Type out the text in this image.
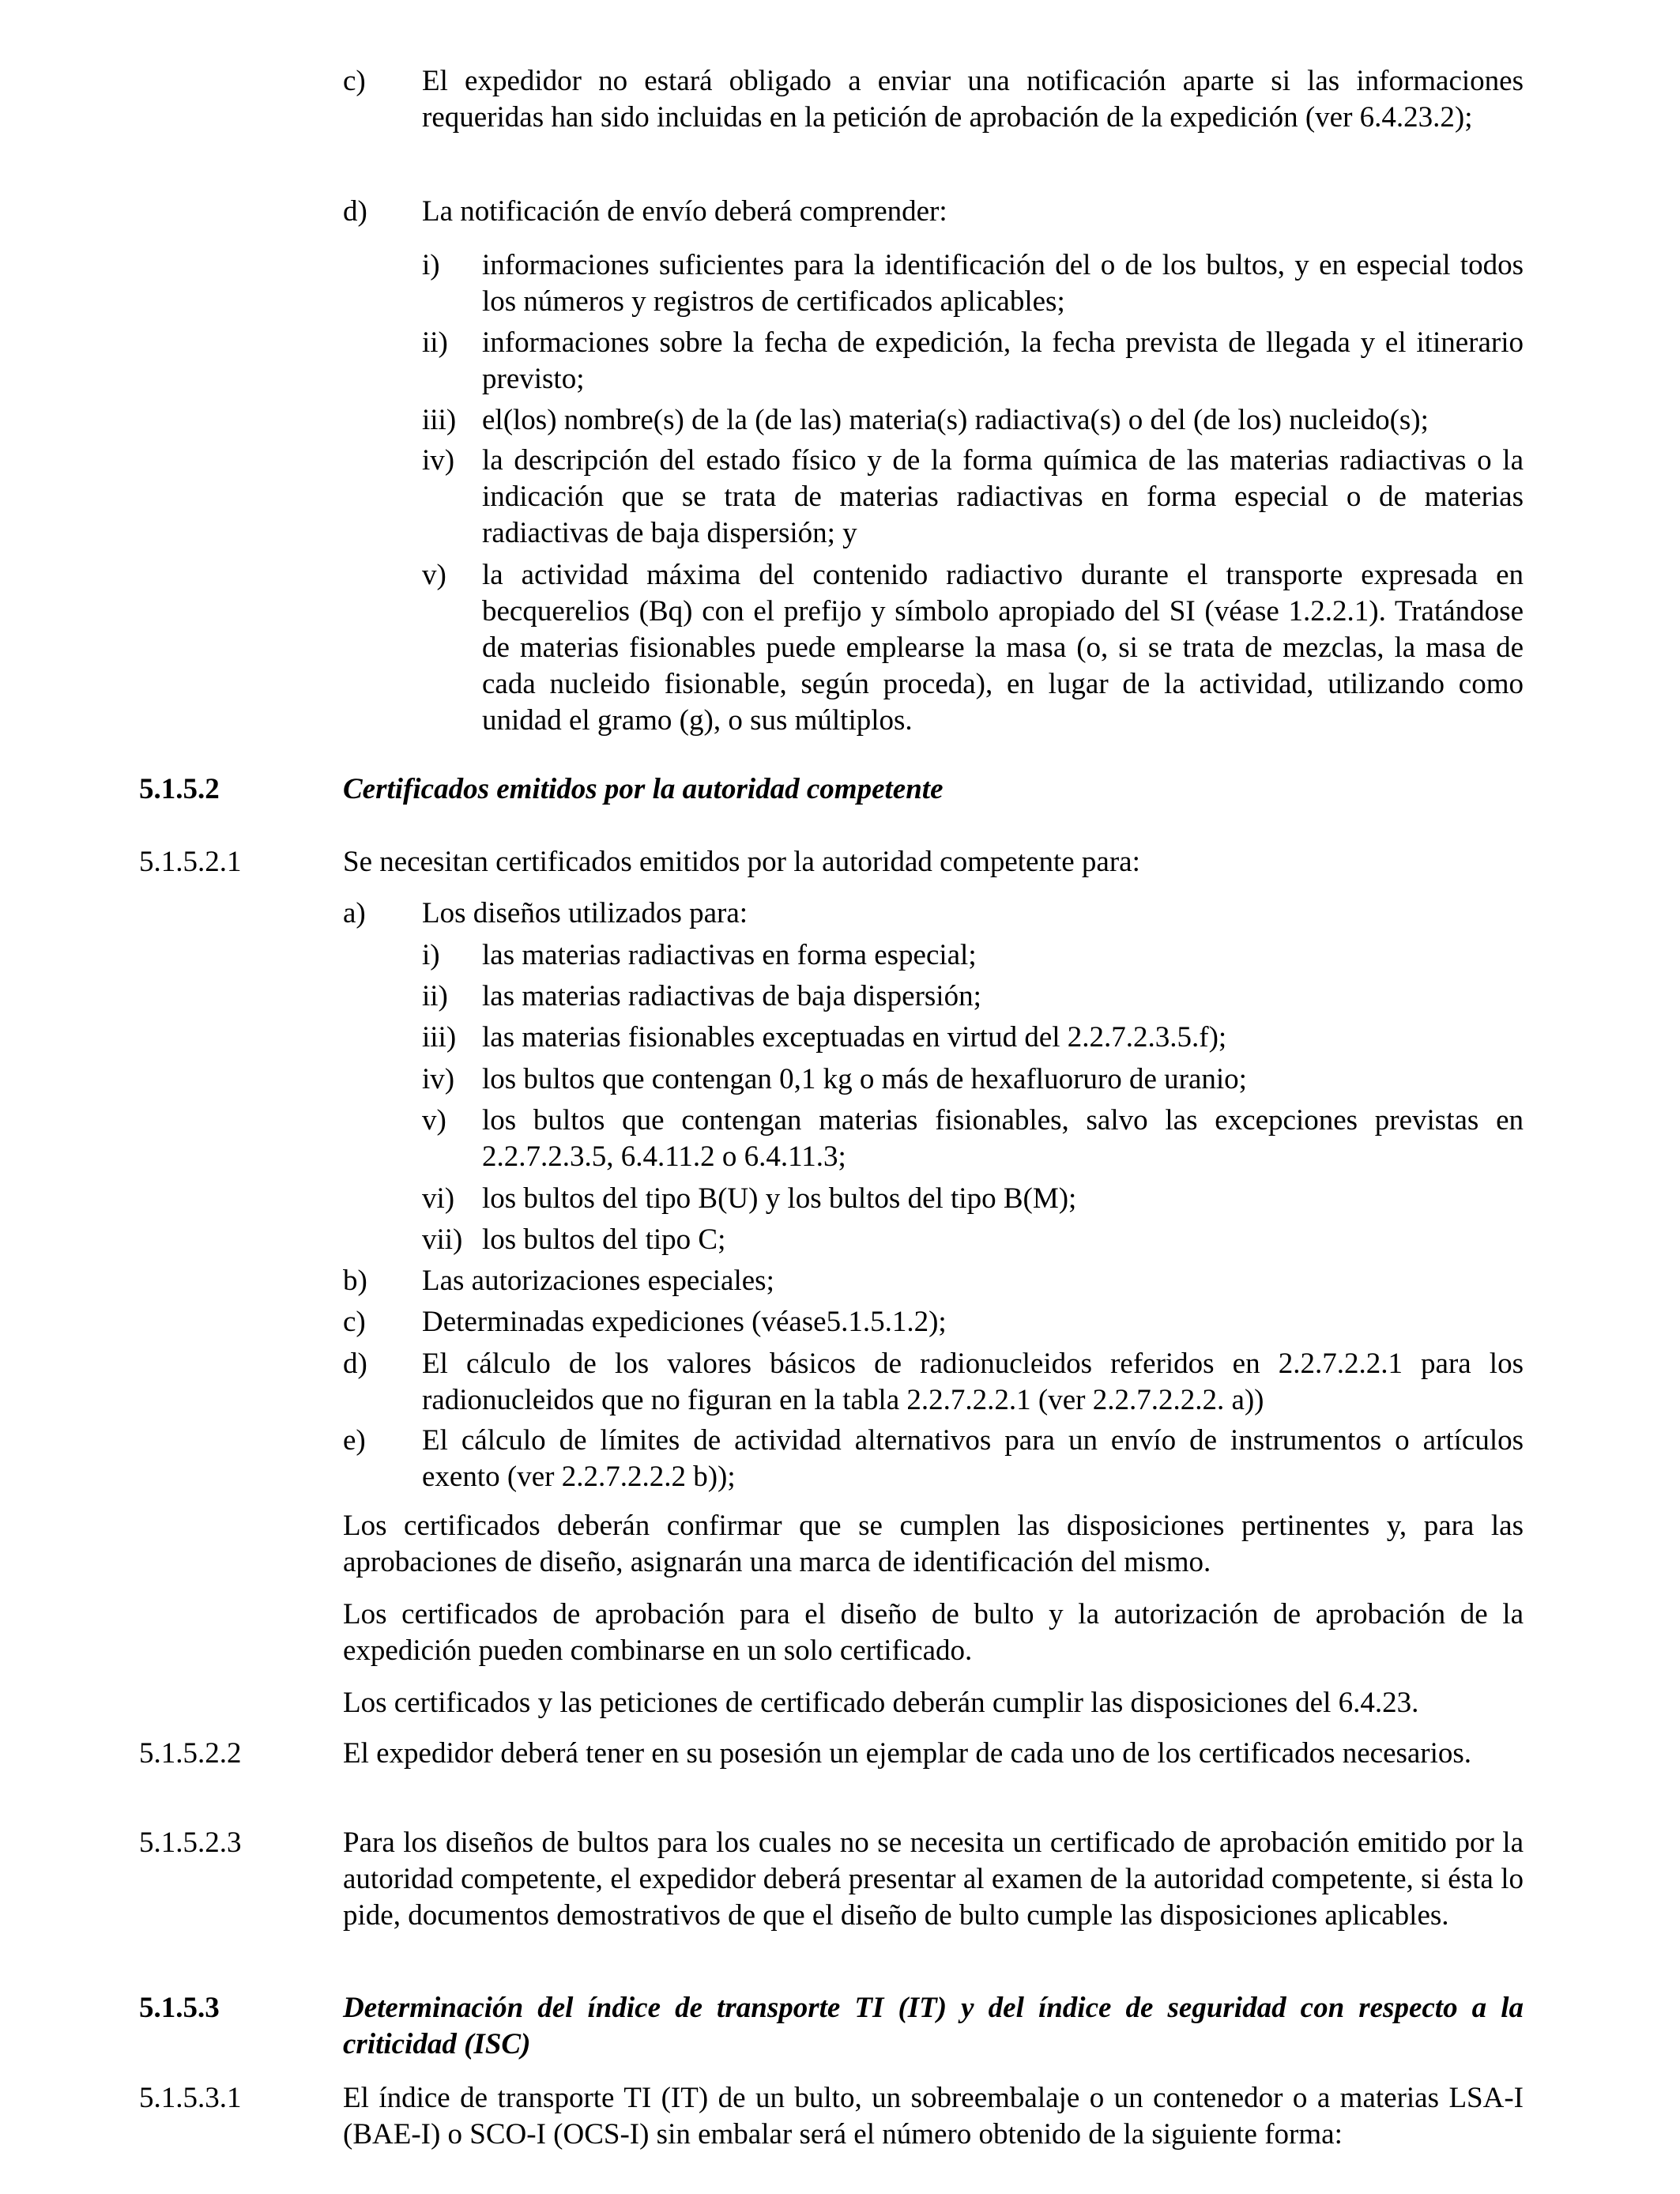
c) El expedidor no estará obligado a enviar una notificación aparte si las informaciones requeridas han sido incluidas en la petición de aprobación de la expedición (ver 6.4.23.2);
d) La notificación de envío deberá comprender:
i) informaciones suficientes para la identificación del o de los bultos, y en especial todos los números y registros de certificados aplicables;
ii) informaciones sobre la fecha de expedición, la fecha prevista de llegada y el itinerario previsto;
iii) el(los) nombre(s) de la (de las) materia(s) radiactiva(s) o del (de los) nucleido(s);
iv) la descripción del estado físico y de la forma química de las materias radiactivas o la indicación que se trata de materias radiactivas en forma especial o de materias radiactivas de baja dispersión; y
v) la actividad máxima del contenido radiactivo durante el transporte expresada en becquerelios (Bq) con el prefijo y símbolo apropiado del SI (véase 1.2.2.1). Tratándose de materias fisionables puede emplearse la masa (o, si se trata de mezclas, la masa de cada nucleido fisionable, según proceda), en lugar de la actividad, utilizando como unidad el gramo (g), o sus múltiplos.
5.1.5.2	Certificados emitidos por la autoridad competente
5.1.5.2.1	Se necesitan certificados emitidos por la autoridad competente para:
a) Los diseños utilizados para:
i) las materias radiactivas en forma especial;
ii) las materias radiactivas de baja dispersión;
iii) las materias fisionables exceptuadas en virtud del 2.2.7.2.3.5.f);
iv) los bultos que contengan 0,1 kg o más de hexafluoruro de uranio;
v) los bultos que contengan materias fisionables, salvo las excepciones previstas en 2.2.7.2.3.5, 6.4.11.2 o 6.4.11.3;
vi) los bultos del tipo B(U) y los bultos del tipo B(M);
vii) los bultos del tipo C;
b) Las autorizaciones especiales;
c) Determinadas expediciones (véase5.1.5.1.2);
d) El cálculo de los valores básicos de radionucleidos referidos en 2.2.7.2.2.1 para los radionucleidos que no figuran en la tabla 2.2.7.2.2.1 (ver 2.2.7.2.2.2. a))
e) El cálculo de límites de actividad alternativos para un envío de instrumentos o artículos exento (ver 2.2.7.2.2.2 b));
Los certificados deberán confirmar que se cumplen las disposiciones pertinentes y, para las aprobaciones de diseño, asignarán una marca de identificación del mismo.
Los certificados de aprobación para el diseño de bulto y la autorización de aprobación de la expedición pueden combinarse en un solo certificado.
Los certificados y las peticiones de certificado deberán cumplir las disposiciones del 6.4.23.
5.1.5.2.2	El expedidor deberá tener en su posesión un ejemplar de cada uno de los certificados necesarios.
5.1.5.2.3	Para los diseños de bultos para los cuales no se necesita un certificado de aprobación emitido por la autoridad competente, el expedidor deberá presentar al examen de la autoridad competente, si ésta lo pide, documentos demostrativos de que el diseño de bulto cumple las disposiciones aplicables.
5.1.5.3	Determinación del índice de transporte TI (IT) y del índice de seguridad con respecto a la criticidad (ISC)
5.1.5.3.1	El índice de transporte TI (IT) de un bulto, un sobreembalaje o un contenedor o a materias LSA-I (BAE-I) o SCO-I (OCS-I) sin embalar será el número obtenido de la siguiente forma:
